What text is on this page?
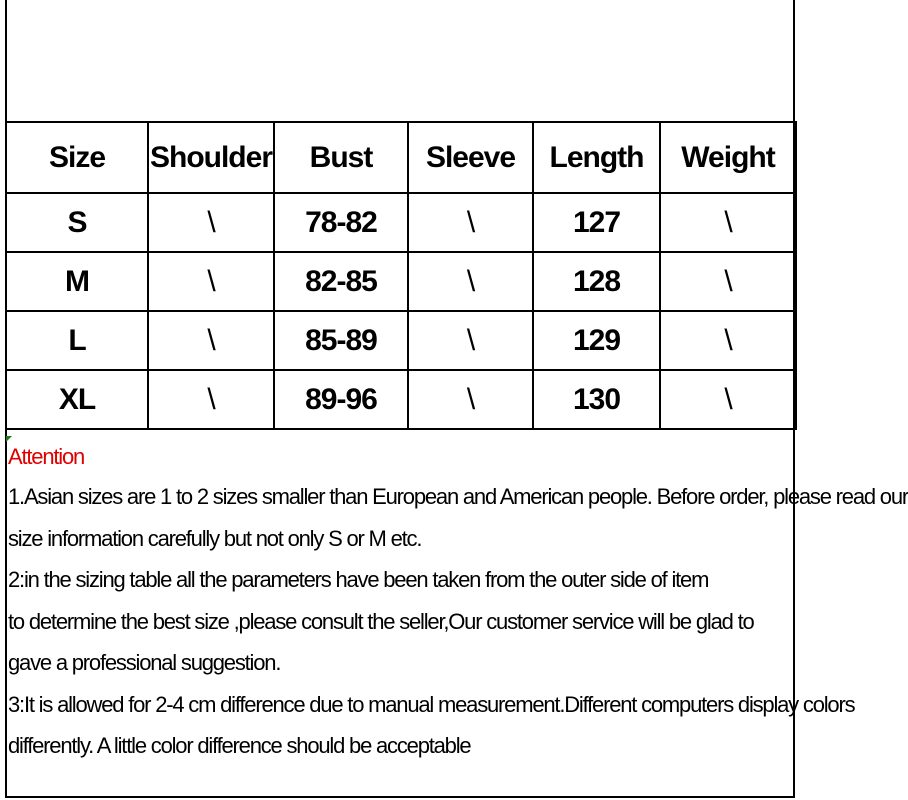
Size	Shoulder	Bust	Sleeve	Length	Weight
S	\	78-82	\	127	\
M	\	82-85	\	128	\
L	\	85-89	\	129	\
XL	\	89-96	\	130	\
Attention
1.Asian sizes are 1 to 2 sizes smaller than European and American people. Before order, please read our
size information carefully but not only S or M etc.
2:in the sizing table all the parameters have been taken from the outer side of item
to determine the best size ,please consult the seller,Our customer service will be glad to
gave a professional suggestion.
3:It is allowed for 2-4 cm difference due to manual measurement.Different computers display colors
differently. A little color difference should be acceptable
